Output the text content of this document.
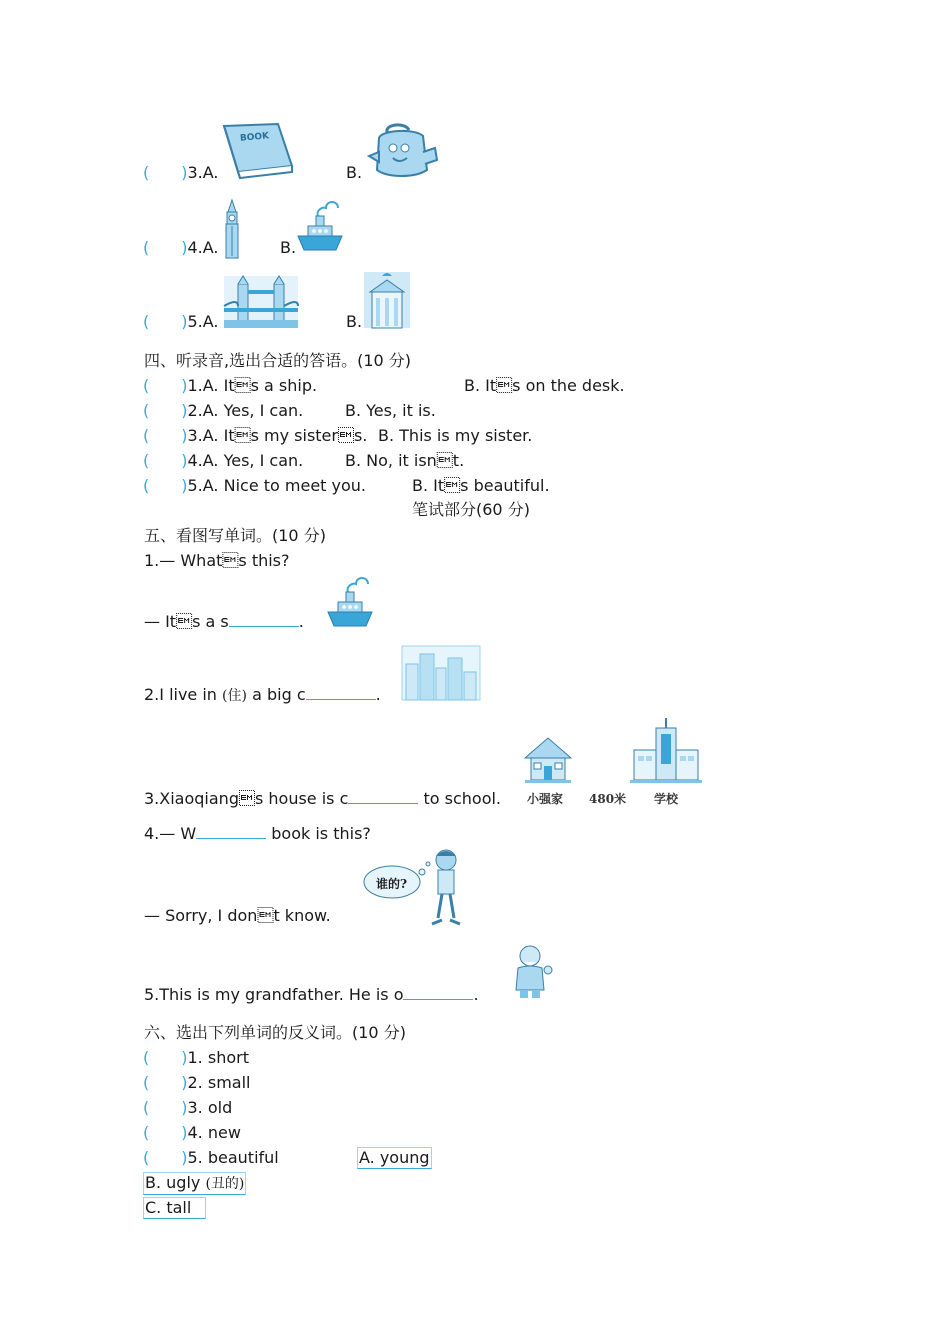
( )3.A.	B.
BOOK
( )4.A.	B.
( )5.A.	B.
四、听录音,选出合适的答语。(10 分)
( )1.A. Its a ship.	B. Its on the desk.
( )2.A. Yes, I can.	B. Yes, it is.
( )3.A. Its my sisters. B. This is my sister.
( )4.A. Yes, I can.	B. No, it isnt.
( )5.A. Nice to meet you.	B. Its beautiful.
笔试部分(60 分)
五、看图写单词。(10 分)
1.— Whats this?
— Its a s	.
2.I live in (住) a big c	.
3.Xiaoqiangs house is c	to school. 小强家 480米 学校
4.— W	book is this?
谁的?
— Sorry, I dont know.
5.This is my grandfather. He is o	.
六、选出下列单词的反义词。(10 分)
( )1. short
( )2. small
( )3. old
( )4. new
( )5. beautiful	A. young
B. ugly (丑的)
C. tall
